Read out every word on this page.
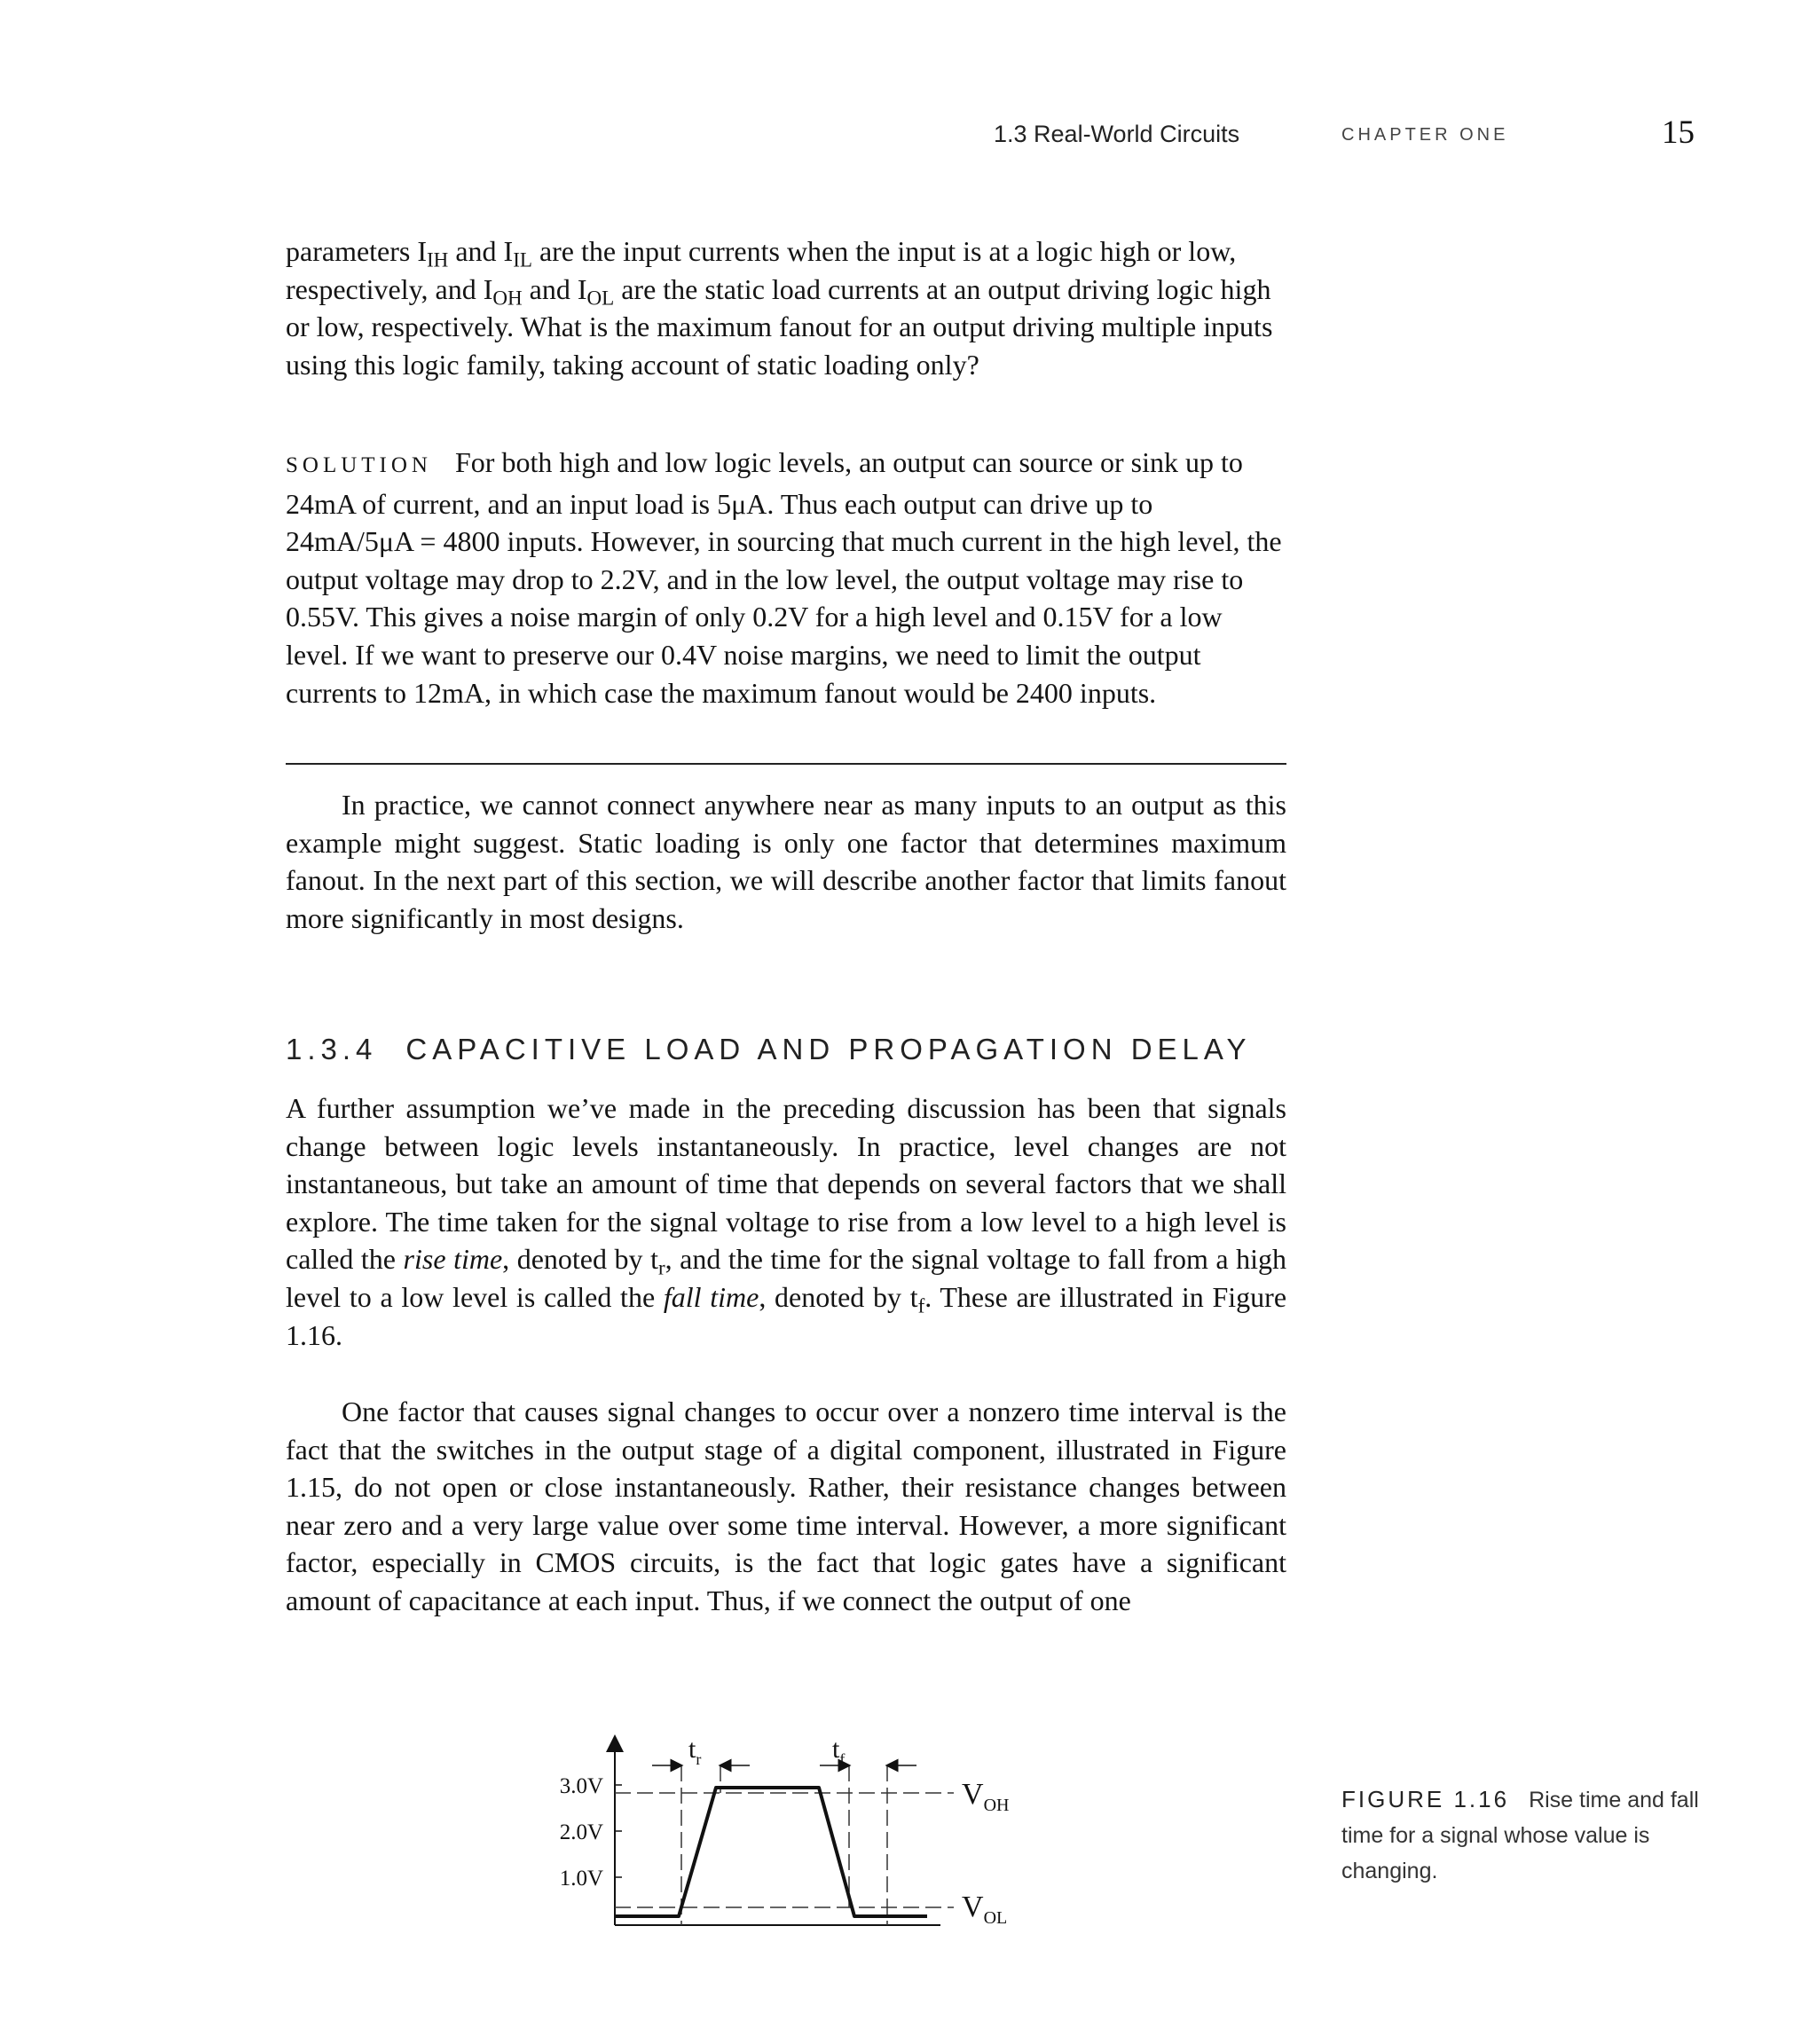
1.3 Real-World Circuits	CHAPTER ONE	15

parameters $I_{IH}$ and $I_{IL}$ are the input currents when the input is at a logic high or low, respectively, and $I_{OH}$ and $I_{OL}$ are the static load currents at an output driving logic high or low, respectively. What is the maximum fanout for an output driving multiple inputs using this logic family, taking account of static loading only?

SOLUTION For both high and low logic levels, an output can source or sink up to 24mA of current, and an input load is 5μA. Thus each output can drive up to 24mA/5μA = 4800 inputs. However, in sourcing that much current in the high level, the output voltage may drop to 2.2V, and in the low level, the output voltage may rise to 0.55V. This gives a noise margin of only 0.2V for a high level and 0.15V for a low level. If we want to preserve our 0.4V noise margins, we need to limit the output currents to 12mA, in which case the maximum fanout would be 2400 inputs.

In practice, we cannot connect anywhere near as many inputs to an output as this example might suggest. Static loading is only one factor that determines maximum fanout. In the next part of this section, we will describe another factor that limits fanout more significantly in most designs.

1.3.4 CAPACITIVE LOAD AND PROPAGATION DELAY

A further assumption we’ve made in the preceding discussion has been that signals change between logic levels instantaneously. In practice, level changes are not instantaneous, but take an amount of time that depends on several factors that we shall explore. The time taken for the signal voltage to rise from a low level to a high level is called the rise time, denoted by $t_r$, and the time for the signal voltage to fall from a high level to a low level is called the fall time, denoted by $t_f$. These are illustrated in Figure 1.16.

One factor that causes signal changes to occur over a nonzero time interval is the fact that the switches in the output stage of a digital component, illustrated in Figure 1.15, do not open or close instantaneously. Rather, their resistance changes between near zero and a very large value over some time interval. However, a more significant factor, especially in CMOS circuits, is the fact that logic gates have a significant amount of capacitance at each input. Thus, if we connect the output of one

3.0V
2.0V
1.0V
$t_r$	$t_f$
$V_{OH}$
$V_{OL}$
FIGURE 1.16 Rise time and fall time for a signal whose value is changing.
